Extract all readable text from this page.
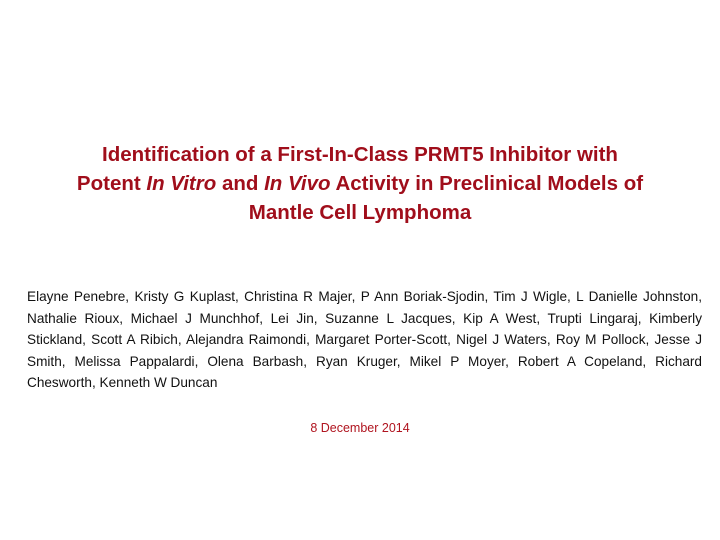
Identification of a First-In-Class PRMT5 Inhibitor with
Potent In Vitro and In Vivo Activity in Preclinical Models of
Mantle Cell Lymphoma

Elayne Penebre, Kristy G Kuplast, Christina R Majer, P Ann Boriak-Sjodin, Tim J Wigle, L Danielle Johnston, Nathalie Rioux, Michael J Munchhof, Lei Jin, Suzanne L Jacques, Kip A West, Trupti Lingaraj, Kimberly Stickland, Scott A Ribich, Alejandra Raimondi, Margaret Porter-Scott, Nigel J Waters, Roy M Pollock, Jesse J Smith, Melissa Pappalardi, Olena Barbash, Ryan Kruger, Mikel P Moyer, Robert A Copeland, Richard Chesworth, Kenneth W Duncan

8 December 2014
